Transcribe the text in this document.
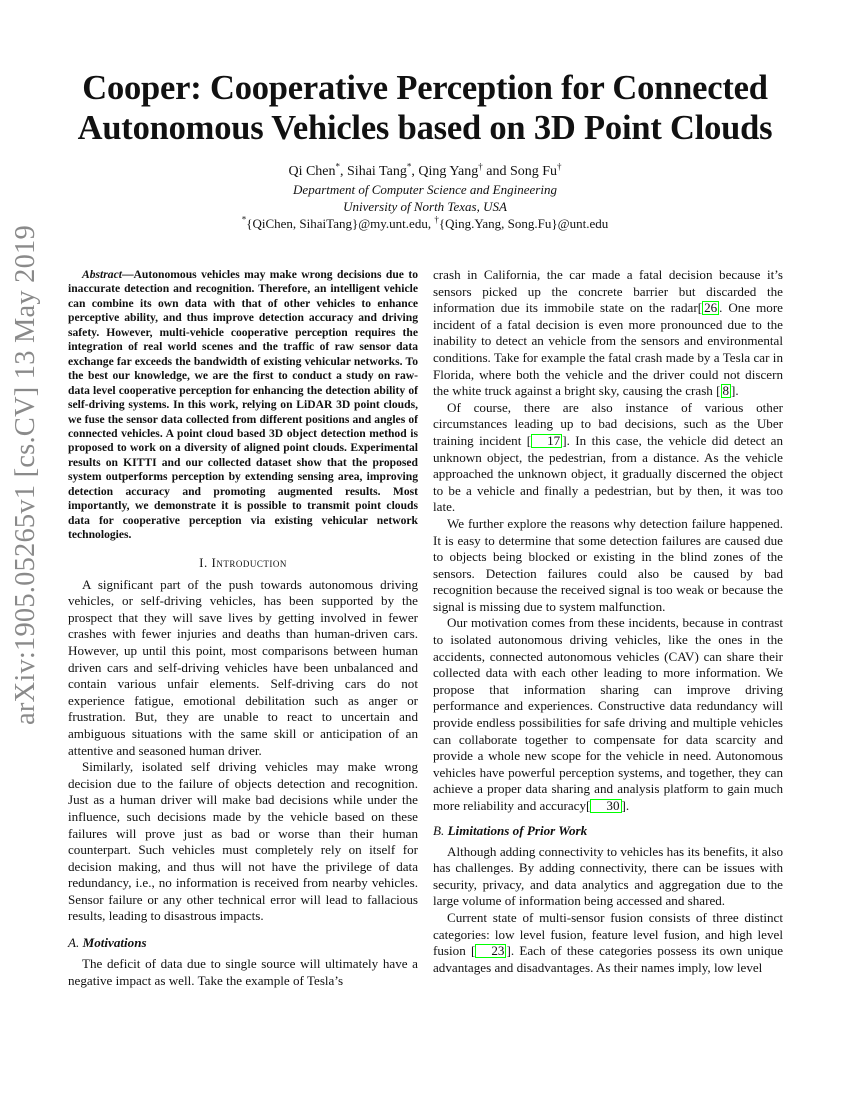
arXiv:1905.05265v1 [cs.CV] 13 May 2019
Cooper: Cooperative Perception for Connected Autonomous Vehicles based on 3D Point Clouds
Qi Chen*, Sihai Tang*, Qing Yang† and Song Fu†
Department of Computer Science and Engineering
University of North Texas, USA
*{QiChen, SihaiTang}@my.unt.edu, †{Qing.Yang, Song.Fu}@unt.edu

Abstract—Autonomous vehicles may make wrong decisions due to inaccurate detection and recognition. Therefore, an intelligent vehicle can combine its own data with that of other vehicles to enhance perceptive ability, and thus improve detection accuracy and driving safety. However, multi-vehicle cooperative perception requires the integration of real world scenes and the traffic of raw sensor data exchange far exceeds the bandwidth of existing vehicular networks. To the best our knowledge, we are the first to conduct a study on raw-data level cooperative perception for enhancing the detection ability of self-driving systems. In this work, relying on LiDAR 3D point clouds, we fuse the sensor data collected from different positions and angles of connected vehicles. A point cloud based 3D object detection method is proposed to work on a diversity of aligned point clouds. Experimental results on KITTI and our collected dataset show that the proposed system outperforms perception by extending sensing area, improving detection accuracy and promoting augmented results. Most importantly, we demonstrate it is possible to transmit point clouds data for cooperative perception via existing vehicular network technologies.

I. Introduction

A significant part of the push towards autonomous driving vehicles, or self-driving vehicles, has been supported by the prospect that they will save lives by getting involved in fewer crashes with fewer injuries and deaths than human-driven cars. However, up until this point, most comparisons between human driven cars and self-driving vehicles have been unbalanced and contain various unfair elements. Self-driving cars do not experience fatigue, emotional debilitation such as anger or frustration. But, they are unable to react to uncertain and ambiguous situations with the same skill or anticipation of an attentive and seasoned human driver.

Similarly, isolated self driving vehicles may make wrong decision due to the failure of objects detection and recognition. Just as a human driver will make bad decisions while under the influence, such decisions made by the vehicle based on these failures will prove just as bad or worse than their human counterpart. Such vehicles must completely rely on itself for decision making, and thus will not have the privilege of data redundancy, i.e., no information is received from nearby vehicles. Sensor failure or any other technical error will lead to fallacious results, leading to disastrous impacts.

A. Motivations

The deficit of data due to single source will ultimately have a negative impact as well. Take the example of Tesla’s

crash in California, the car made a fatal decision because it’s sensors picked up the concrete barrier but discarded the information due its immobile state on the radar[ 26 . One more incident of a fatal decision is even more pronounced due to the inability to detect an vehicle from the sensors and environmental conditions. Take for example the fatal crash made by a Tesla car in Florida, where both the vehicle and the driver could not discern the white truck against a bright sky, causing the crash [ 8 ].

Of course, there are also instance of various other circumstances leading up to bad decisions, such as the Uber training incident [ 17 ]. In this case, the vehicle did detect an unknown object, the pedestrian, from a distance. As the vehicle approached the unknown object, it gradually discerned the object to be a vehicle and finally a pedestrian, but by then, it was too late.

We further explore the reasons why detection failure happened. It is easy to determine that some detection failures are caused due to objects being blocked or existing in the blind zones of the sensors. Detection failures could also be caused by bad recognition because the received signal is too weak or because the signal is missing due to system malfunction.

Our motivation comes from these incidents, because in contrast to isolated autonomous driving vehicles, like the ones in the accidents, connected autonomous vehicles (CAV) can share their collected data with each other leading to more information. We propose that information sharing can improve driving performance and experiences. Constructive data redundancy will provide endless possibilities for safe driving and multiple vehicles can collaborate together to compensate for data scarcity and provide a whole new scope for the vehicle in need. Autonomous vehicles have powerful perception systems, and together, they can achieve a proper data sharing and analysis platform to gain much more reliability and accuracy[ 30 ].

B. Limitations of Prior Work

Although adding connectivity to vehicles has its benefits, it also has challenges. By adding connectivity, there can be issues with security, privacy, and data analytics and aggregation due to the large volume of information being accessed and shared.

Current state of multi-sensor fusion consists of three distinct categories: low level fusion, feature level fusion, and high level fusion [ 23 ]. Each of these categories possess its own unique advantages and disadvantages. As their names imply, low level
